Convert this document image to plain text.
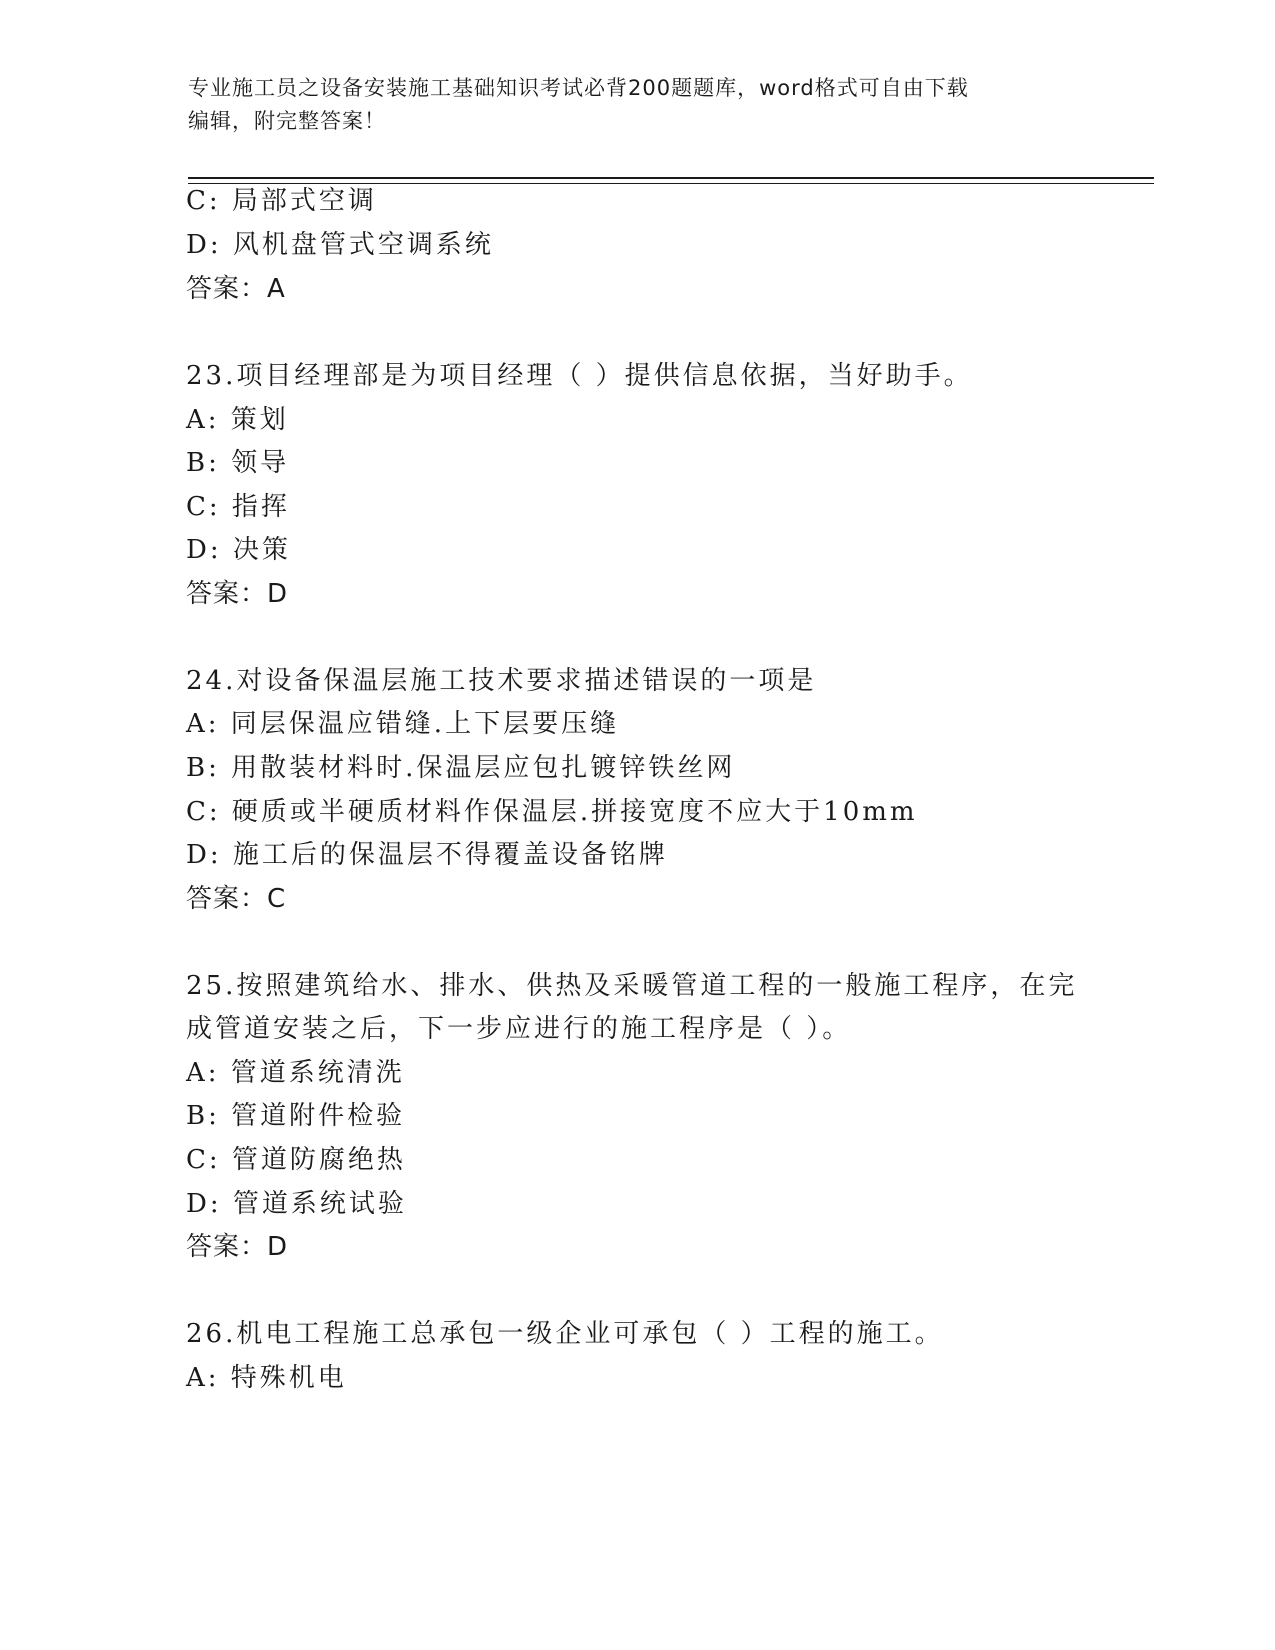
专业施工员之设备安装施工基础知识考试必背200题题库，word格式可自由下载
编辑，附完整答案！
C: 局部式空调
D: 风机盘管式空调系统
答案：A
23.项目经理部是为项目经理（ ）提供信息依据，当好助手。
A: 策划
B: 领导
C: 指挥
D: 决策
答案：D
24.对设备保温层施工技术要求描述错误的一项是
A: 同层保温应错缝.上下层要压缝
B: 用散装材料时.保温层应包扎镀锌铁丝网
C: 硬质或半硬质材料作保温层.拼接宽度不应大于10mm
D: 施工后的保温层不得覆盖设备铭牌
答案：C
25.按照建筑给水、排水、供热及采暖管道工程的一般施工程序，在完
成管道安装之后，下一步应进行的施工程序是（ ）。
A: 管道系统清洗
B: 管道附件检验
C: 管道防腐绝热
D: 管道系统试验
答案：D
26.机电工程施工总承包一级企业可承包（ ）工程的施工。
A: 特殊机电
